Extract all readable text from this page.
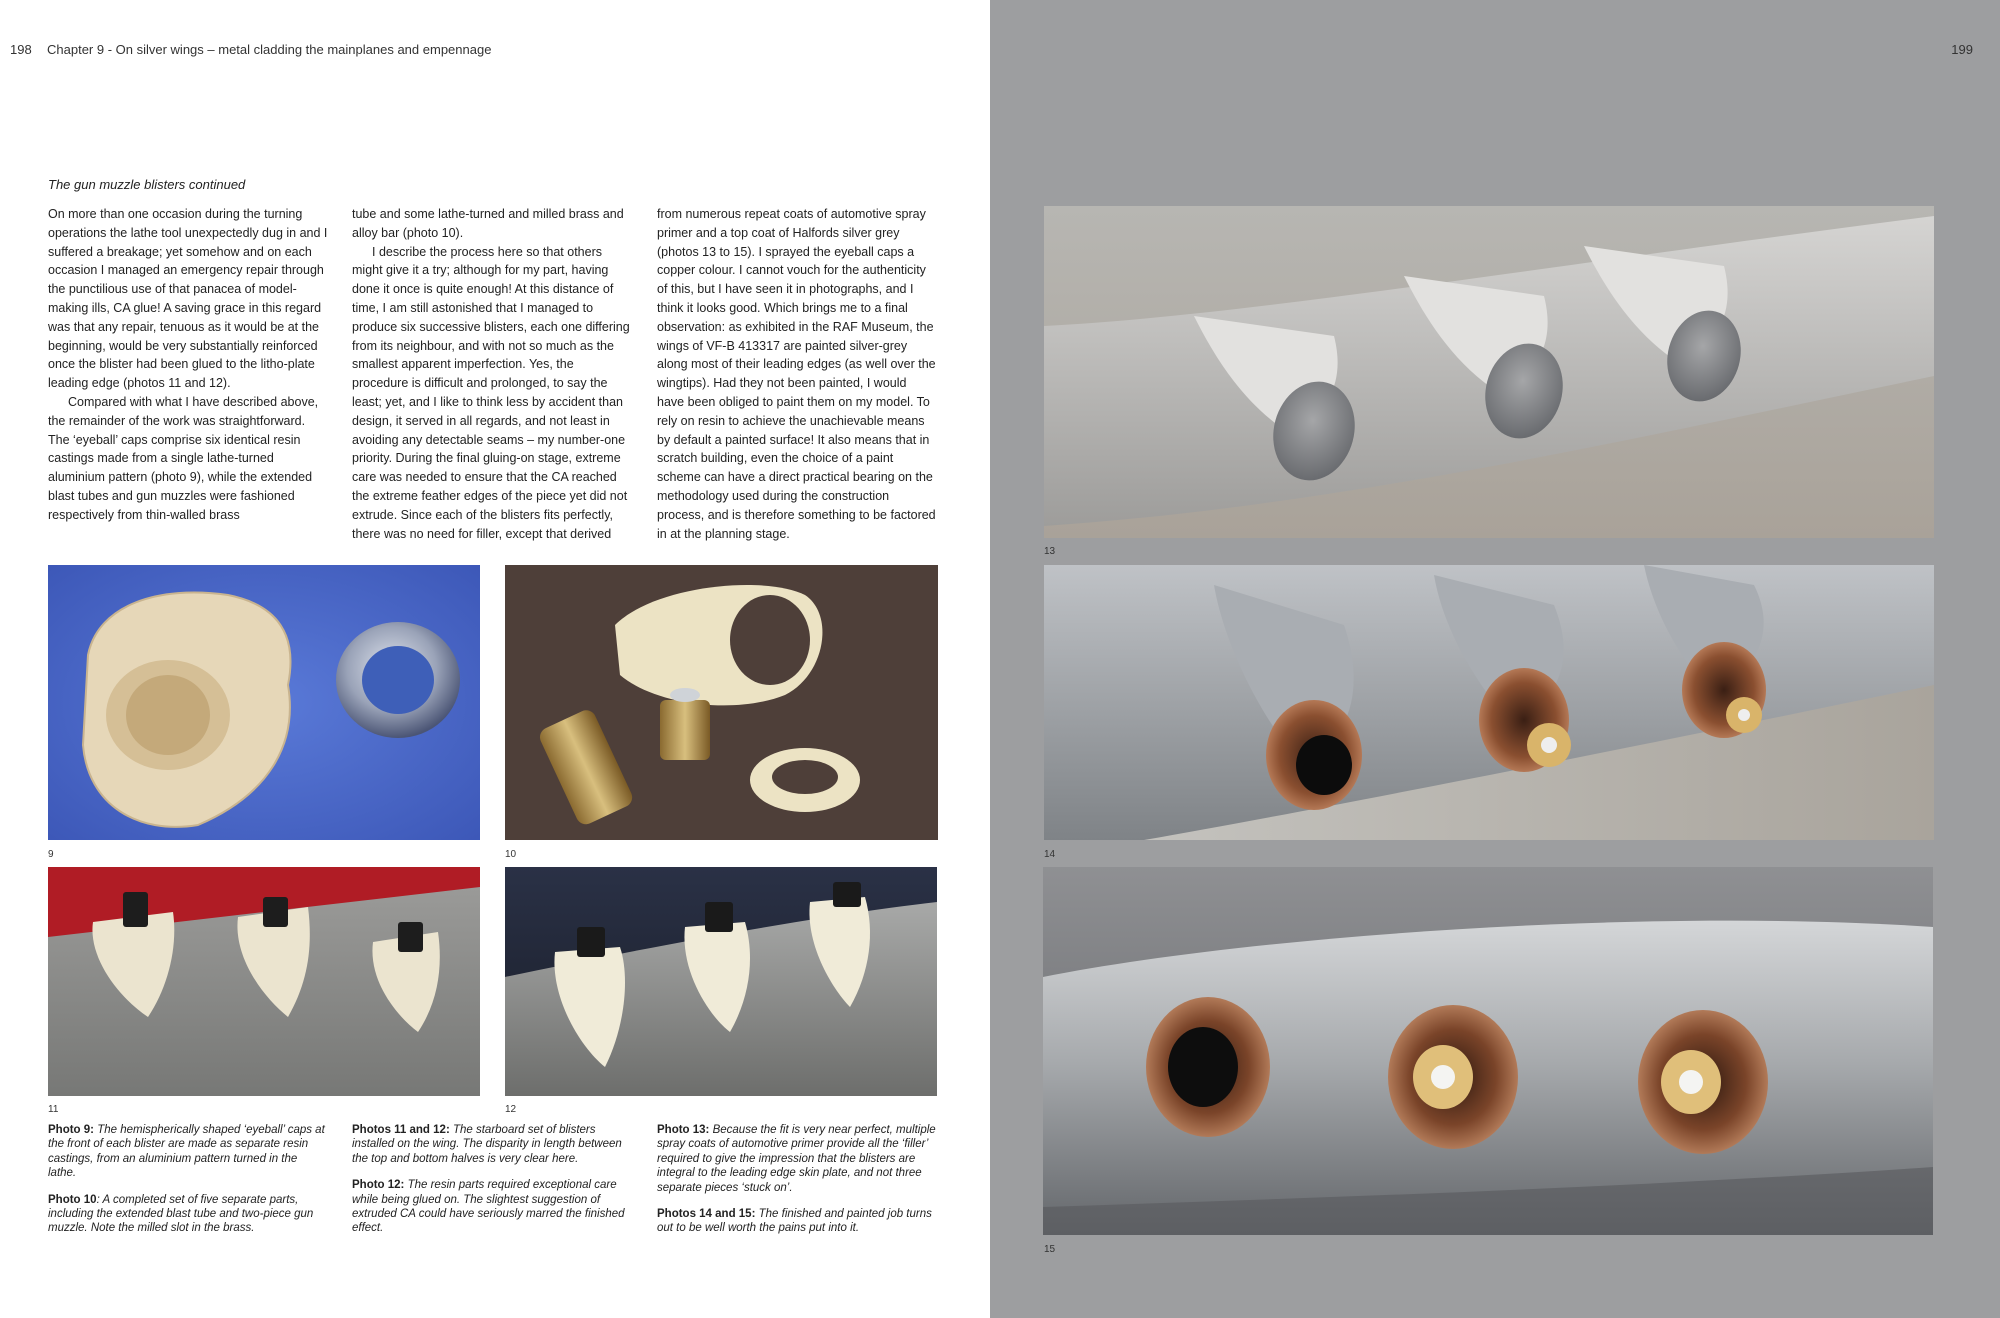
198 Chapter 9 - On silver wings – metal cladding the mainplanes and empennage
The gun muzzle blisters continued

On more than one occasion during the turning operations the lathe tool unexpectedly dug in and I suffered a breakage; yet somehow and on each occasion I managed an emergency repair through the punctilious use of that panacea of model-making ills, CA glue! A saving grace in this regard was that any repair, tenuous as it would be at the beginning, would be very substantially reinforced once the blister had been glued to the litho-plate leading edge (photos 11 and 12).

Compared with what I have described above, the remainder of the work was straightforward. The ‘eyeball’ caps comprise six identical resin castings made from a single lathe-turned aluminium pattern (photo 9), while the extended blast tubes and gun muzzles were fashioned respectively from thin-walled brass

tube and some lathe-turned and milled brass and alloy bar (photo 10).

I describe the process here so that others might give it a try; although for my part, having done it once is quite enough! At this distance of time, I am still astonished that I managed to produce six successive blisters, each one differing from its neighbour, and with not so much as the smallest apparent imperfection. Yes, the procedure is difficult and prolonged, to say the least; yet, and I like to think less by accident than design, it served in all regards, and not least in avoiding any detectable seams – my number-one priority. During the final gluing-on stage, extreme care was needed to ensure that the CA reached the extreme feather edges of the piece yet did not extrude. Since each of the blisters fits perfectly, there was no need for filler, except that derived

from numerous repeat coats of automotive spray primer and a top coat of Halfords silver grey (photos 13 to 15). I sprayed the eyeball caps a copper colour. I cannot vouch for the authenticity of this, but I have seen it in photographs, and I think it looks good. Which brings me to a final observation: as exhibited in the RAF Museum, the wings of VF-B 413317 are painted silver-grey along most of their leading edges (as well over the wingtips). Had they not been painted, I would have been obliged to paint them on my model. To rely on resin to achieve the unachievable means by default a painted surface! It also means that in scratch building, even the choice of a paint scheme can have a direct practical bearing on the methodology used during the construction process, and is therefore something to be factored in at the planning stage.

9	10
11	12

Photo 9: The hemispherically shaped ‘eyeball’ caps at the front of each blister are made as separate resin castings, from an aluminium pattern turned in the lathe.

Photo 10: A completed set of five separate parts, including the extended blast tube and two-piece gun muzzle. Note the milled slot in the brass.

Photos 11 and 12: The starboard set of blisters installed on the wing. The disparity in length between the top and bottom halves is very clear here.

Photo 12: The resin parts required exceptional care while being glued on. The slightest suggestion of extruded CA could have seriously marred the finished effect.

Photo 13: Because the fit is very near perfect, multiple spray coats of automotive primer provide all the ‘filler’ required to give the impression that the blisters are integral to the leading edge skin plate, and not three separate pieces ‘stuck on’.

Photos 14 and 15: The finished and painted job turns out to be well worth the pains put into it.

199
13
14
15
